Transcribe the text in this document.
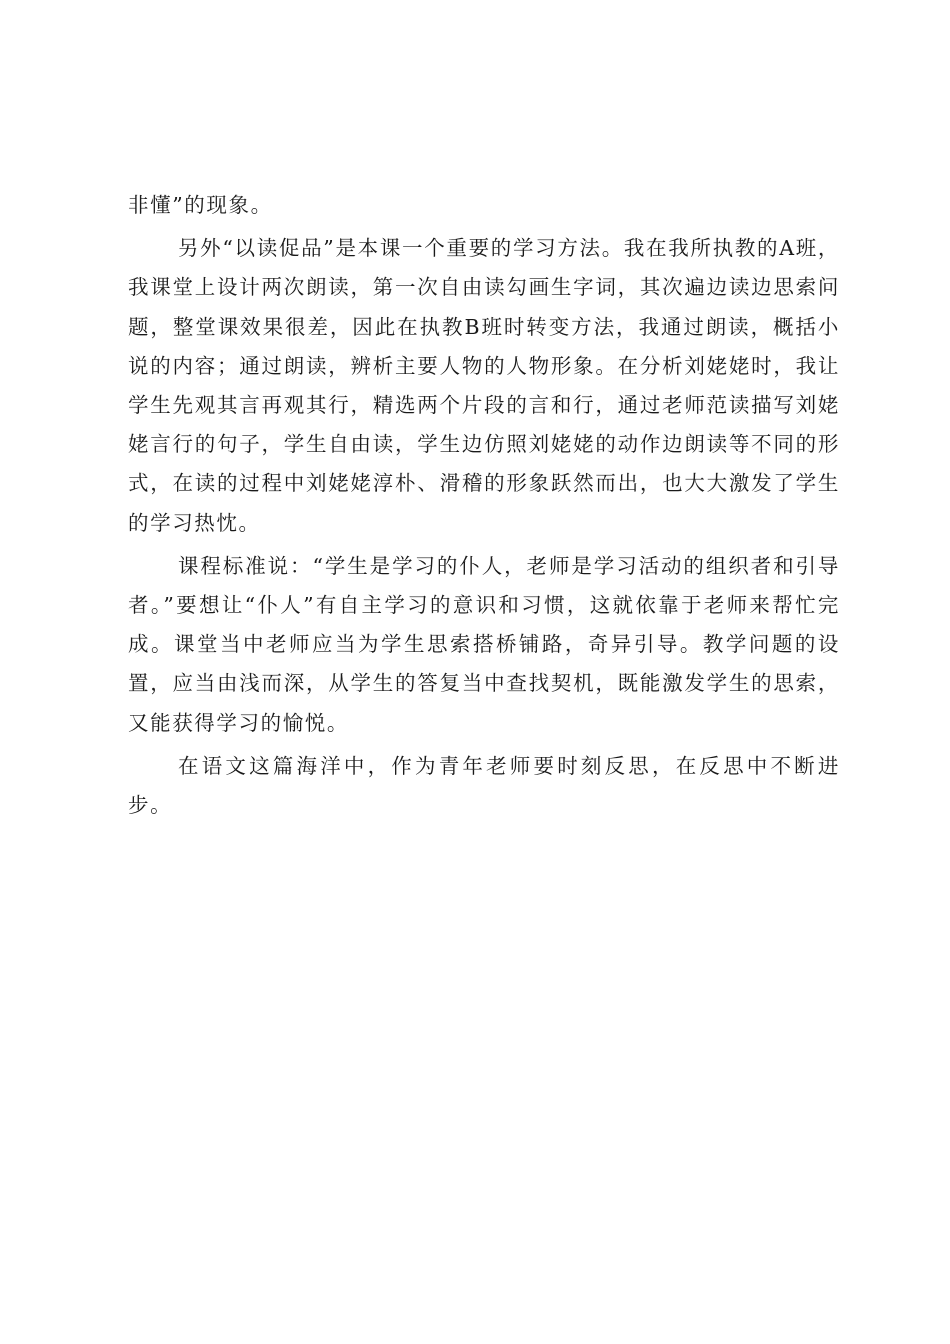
非懂”的现象。

另外“以读促品”是本课一个重要的学习方法。我在我所执教的A班，我课堂上设计两次朗读，第一次自由读勾画生字词，其次遍边读边思索问题，整堂课效果很差，因此在执教B班时转变方法，我通过朗读，概括小说的内容；通过朗读，辨析主要人物的人物形象。在分析刘姥姥时，我让学生先观其言再观其行，精选两个片段的言和行，通过老师范读描写刘姥姥言行的句子，学生自由读，学生边仿照刘姥姥的动作边朗读等不同的形式，在读的过程中刘姥姥淳朴、滑稽的形象跃然而出，也大大激发了学生的学习热忱。

课程标准说：“学生是学习的仆人，老师是学习活动的组织者和引导者。”要想让“仆人”有自主学习的意识和习惯，这就依靠于老师来帮忙完成。课堂当中老师应当为学生思索搭桥铺路，奇异引导。教学问题的设置，应当由浅而深，从学生的答复当中查找契机，既能激发学生的思索，又能获得学习的愉悦。

在语文这篇海洋中，作为青年老师要时刻反思，在反思中不断进步。
